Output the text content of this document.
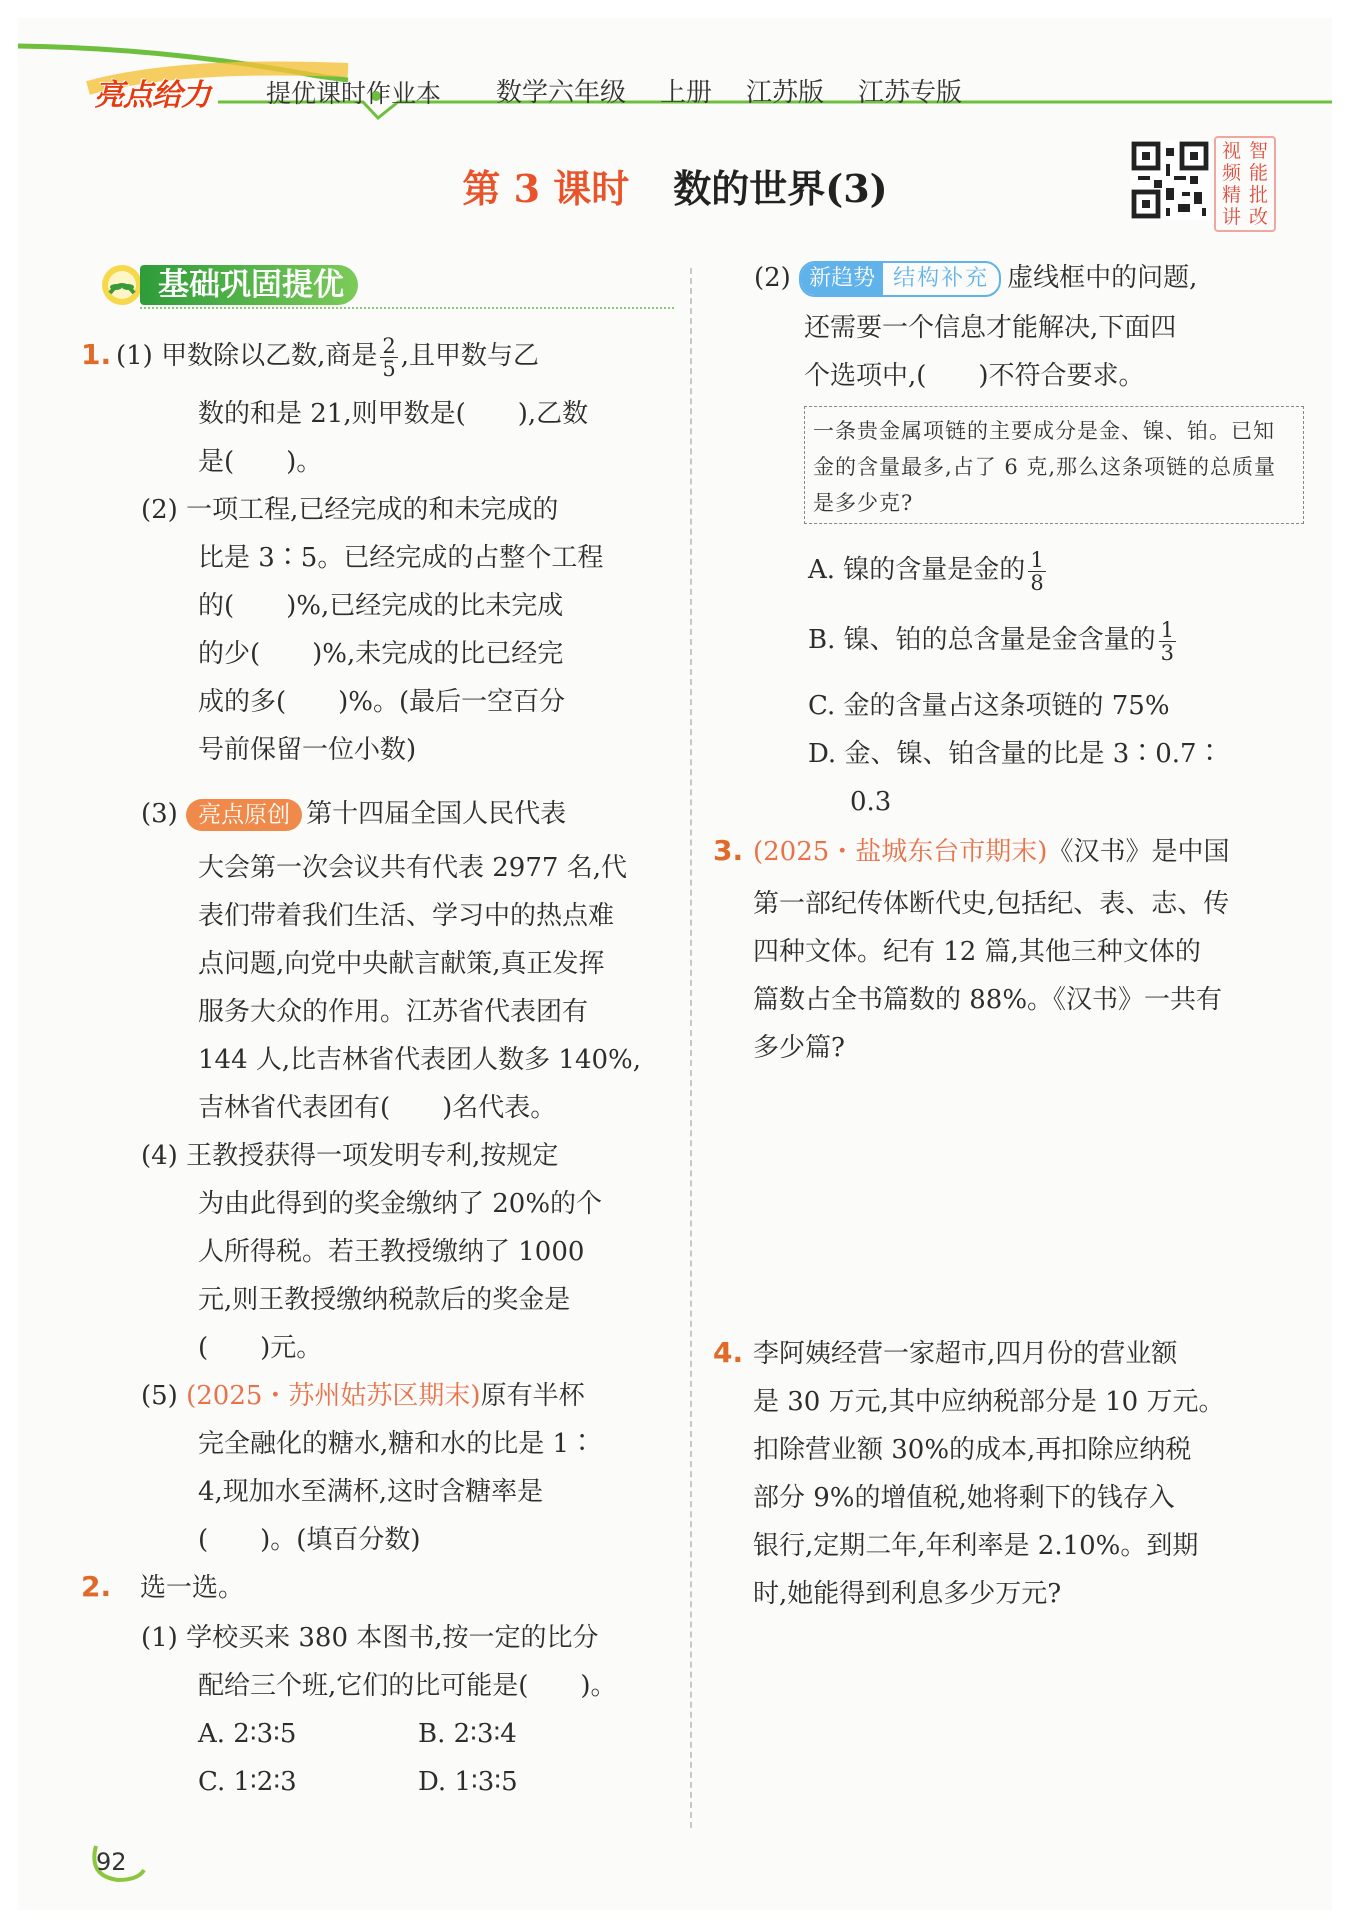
亮点给力 提优课时作业本 数学六年级 上册 江苏版 江苏专版
第 3 课时 数的世界(3)
视 智
频 能
精 批
讲 改
基础巩固提优
1. (1) 甲数除以乙数,商是 $\frac{2}{5}$ ,且甲数与乙
数的和是 21,则甲数是(　　),乙数
是(　　)。
(2) 一项工程,已经完成的和未完成的
比是 3∶5。已经完成的占整个工程
的(　　)%,已经完成的比未完成
的少(　　)%,未完成的比已经完
成的多(　　)%。(最后一空百分
号前保留一位小数)
(3) 亮点原创 第十四届全国人民代表
大会第一次会议共有代表 2977 名,代
表们带着我们生活、学习中的热点难
点问题,向党中央献言献策,真正发挥
服务大众的作用。江苏省代表团有
144 人,比吉林省代表团人数多 140%,
吉林省代表团有(　　)名代表。
(4) 王教授获得一项发明专利,按规定
为由此得到的奖金缴纳了 20%的个
人所得税。若王教授缴纳了 1000
元,则王教授缴纳税款后的奖金是
(　　)元。
(5) (2025・苏州姑苏区期末)原有半杯
完全融化的糖水,糖和水的比是 1∶
4,现加水至满杯,这时含糖率是
(　　)。(填百分数)
2. 选一选。
(1) 学校买来 380 本图书,按一定的比分
配给三个班,它们的比可能是(　　)。
A. 2∶3∶5	B. 2∶3∶4
C. 1∶2∶3	D. 1∶3∶5
(2) 新趋势 结构补充 虚线框中的问题,
还需要一个信息才能解决,下面四
个选项中,(　　)不符合要求。
一条贵金属项链的主要成分是金、镍、铂。已知金的含量最多,占了 6 克,那么这条项链的总质量是多少克?
A. 镍的含量是金的 $\frac{1}{8}$
B. 镍、铂的总含量是金含量的 $\frac{1}{3}$
C. 金的含量占这条项链的 75%
D. 金、镍、铂含量的比是 3∶0.7∶
0.3
3. (2025・盐城东台市期末)《汉书》是中国
第一部纪传体断代史,包括纪、表、志、传
四种文体。纪有 12 篇,其他三种文体的
篇数占全书篇数的 88%。《汉书》一共有
多少篇?
4. 李阿姨经营一家超市,四月份的营业额
是 30 万元,其中应纳税部分是 10 万元。
扣除营业额 30%的成本,再扣除应纳税
部分 9%的增值税,她将剩下的钱存入
银行,定期二年,年利率是 2.10%。到期
时,她能得到利息多少万元?
92
